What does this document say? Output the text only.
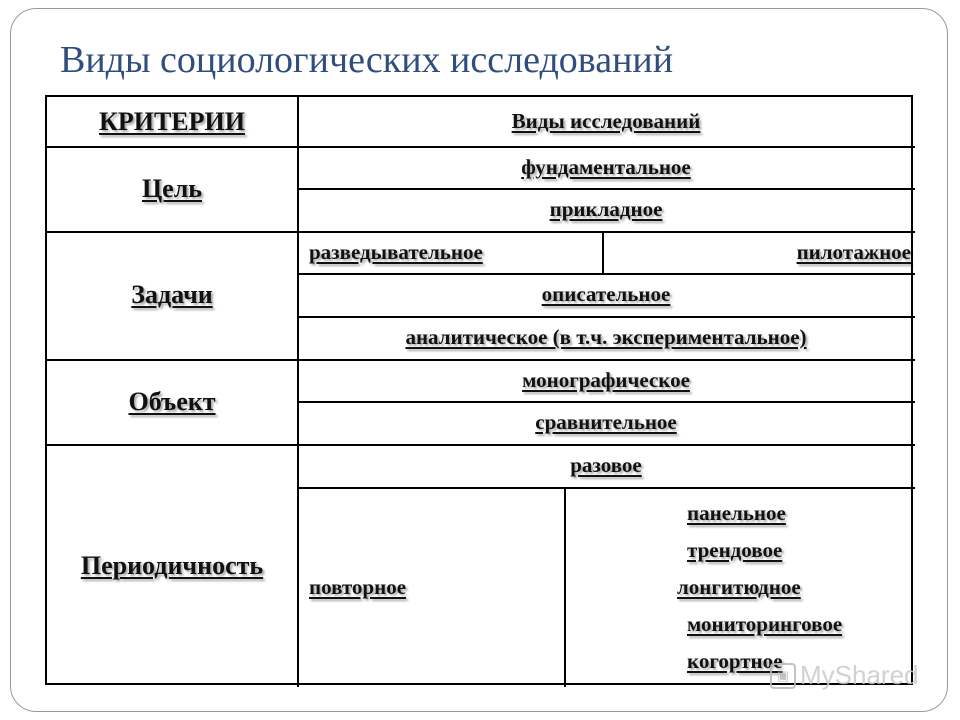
Виды социологических исследований
КРИТЕРИИ	Виды исследований
Цель
фундаментальное
прикладное
Задачи
разведывательное	пилотажное
описательное
аналитическое (в т.ч. экспериментальное)
Объект
монографическое
сравнительное
Периодичность
разовое
повторное
панельное
трендовое
лонгитюдное
мониторинговое
когортное
▣ MyShared
